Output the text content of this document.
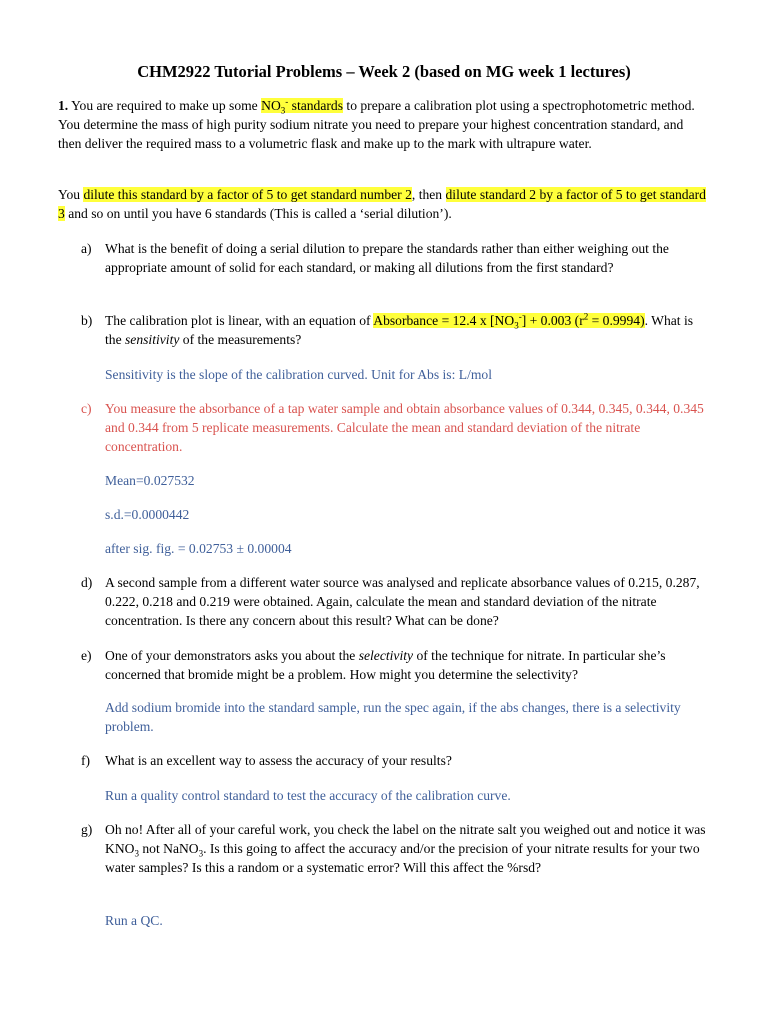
CHM2922 Tutorial Problems – Week 2 (based on MG week 1 lectures)

1. You are required to make up some $NO_3^-$ standards to prepare a calibration plot using a spectrophotometric method. You determine the mass of high purity sodium nitrate you need to prepare your highest concentration standard, and then deliver the required mass to a volumetric flask and make up to the mark with ultrapure water.

You dilute this standard by a factor of 5 to get standard number 2, then dilute standard 2 by a factor of 5 to get standard 3 and so on until you have 6 standards (This is called a ‘serial dilution’).

a) What is the benefit of doing a serial dilution to prepare the standards rather than either weighing out the appropriate amount of solid for each standard, or making all dilutions from the first standard?
b) The calibration plot is linear, with an equation of Absorbance = 12.4 x $[NO_3^-] + 0.003$ $(r^2 = 0.9994)$. What is the sensitivity of the measurements?
Sensitivity is the slope of the calibration curved. Unit for Abs is: L/mol
c) You measure the absorbance of a tap water sample and obtain absorbance values of 0.344, 0.345, 0.344, 0.345 and 0.344 from 5 replicate measurements. Calculate the mean and standard deviation of the nitrate concentration.
Mean=0.027532
s.d.=0.0000442
after sig. fig. = 0.02753 ± 0.00004
d) A second sample from a different water source was analysed and replicate absorbance values of 0.215, 0.287, 0.222, 0.218 and 0.219 were obtained. Again, calculate the mean and standard deviation of the nitrate concentration. Is there any concern about this result? What can be done?
e) One of your demonstrators asks you about the selectivity of the technique for nitrate. In particular she’s concerned that bromide might be a problem. How might you determine the selectivity?
Add sodium bromide into the standard sample, run the spec again, if the abs changes, there is a selectivity problem.
f) What is an excellent way to assess the accuracy of your results?
Run a quality control standard to test the accuracy of the calibration curve.
g) Oh no! After all of your careful work, you check the label on the nitrate salt you weighed out and notice it was $KNO_3$ not NaNO$_3$. Is this going to affect the accuracy and/or the precision of your nitrate results for your two water samples? Is this a random or a systematic error? Will this affect the %rsd?
Run a QC.
